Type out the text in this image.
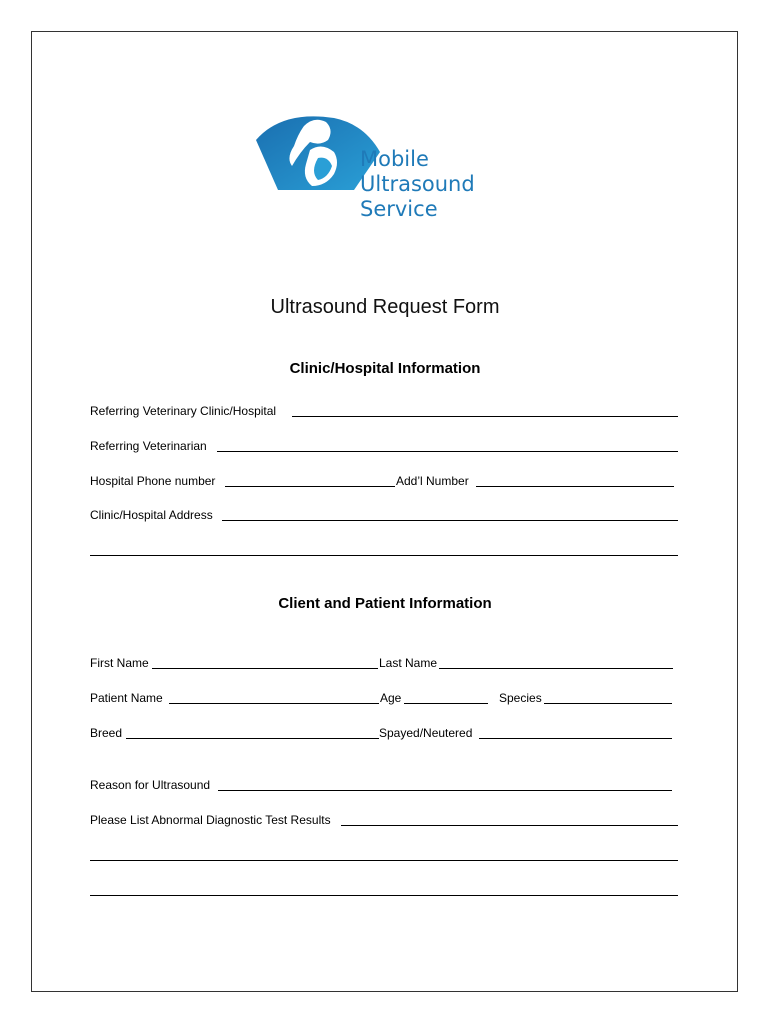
Mobile
Ultrasound
Service
Ultrasound Request Form
Clinic/Hospital Information
Referring Veterinary Clinic/Hospital
Referring Veterinarian
Hospital Phone number	Add’l Number
Clinic/Hospital Address
Client and Patient Information
First Name	Last Name
Patient Name	Age	Species
Breed	Spayed/Neutered
Reason for Ultrasound
Please List Abnormal Diagnostic Test Results
